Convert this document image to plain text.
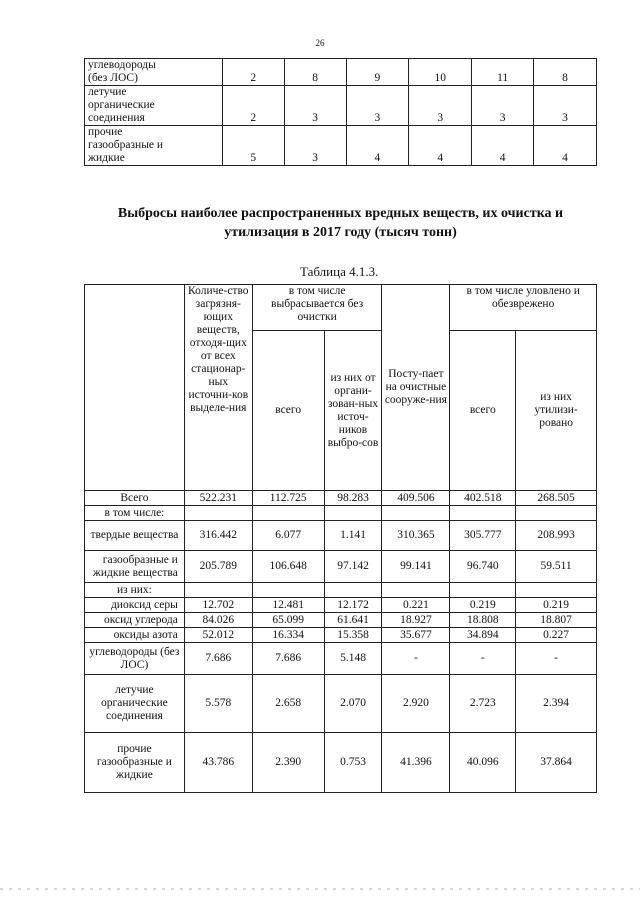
26
углеводороды						
(без ЛОС)	2	8	9	10	11	8
летучие						
органические						
соединения	2	3	3	3	3	3
прочие						
газообразные и						
жидкие	5	3	4	4	4	4
Выбросы наиболее распространенных вредных веществ, их очистка и утилизация в 2017 году (тысяч тонн)
Таблица 4.1.3.
	Количе-ство загрязня-ющих веществ, отходя-щих от всех стационар-ных источни-ков выделе-ния	в том числе выбрасывается без очистки		Посту-пает на очистные сооруже-ния	в том числе уловлено и обезврежено	
		всего	из них от органи-зован-ных источ-ников выбро-сов		всего	из них утилизи-ровано
Всего	522.231	112.725	98.283	409.506	402.518	268.505
в том числе:						
твердые вещества	316.442	6.077	1.141	310.365	305.777	208.993
газообразные и жидкие вещества	205.789	106.648	97.142	99.141	96.740	59.511
из них:						
диоксид серы	12.702	12.481	12.172	0.221	0.219	0.219
оксид углерода	84.026	65.099	61.641	18.927	18.808	18.807
оксиды азота	52.012	16.334	15.358	35.677	34.894	0.227
углеводороды (без ЛОС)	7.686	7.686	5.148	-	-	-
летучие органические соединения	5.578	2.658	2.070	2.920	2.723	2.394
прочие газообразные и жидкие	43.786	2.390	0.753	41.396	40.096	37.864
